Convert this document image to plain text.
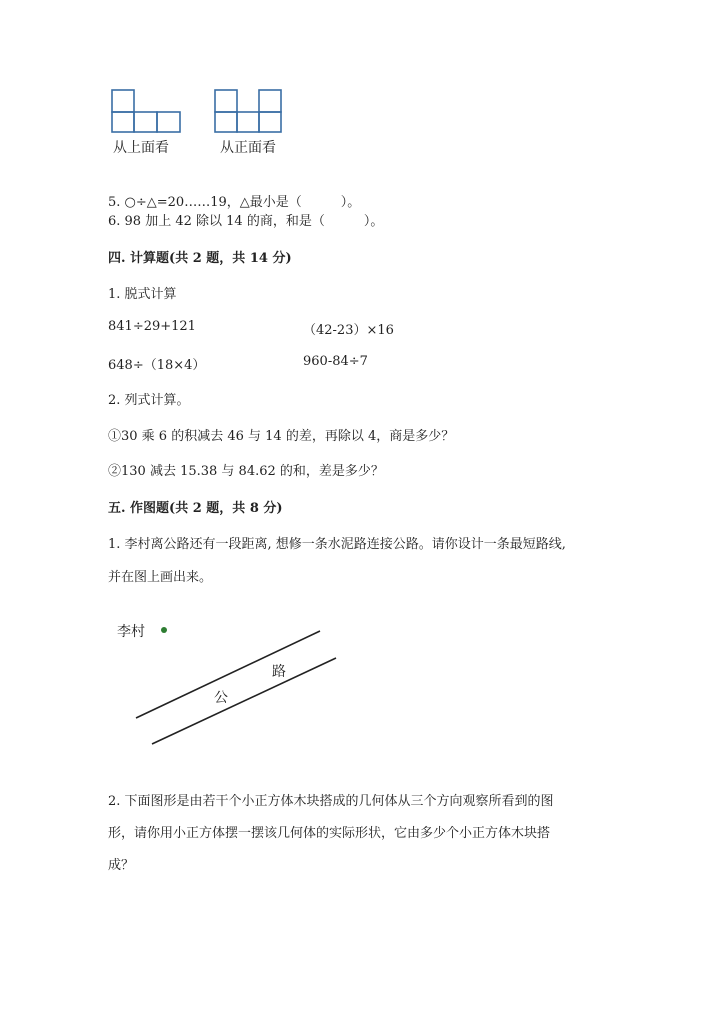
从上面看	从正面看
5. ○÷△=20……19，△最小是（　　　）。
6. 98 加上 42 除以 14 的商，和是（　　　）。
四. 计算题(共 2 题，共 14 分)
1. 脱式计算
841÷29+121	（42-23）×16
648÷（18×4）	960-84÷7
2. 列式计算。
①30 乘 6 的积减去 46 与 14 的差，再除以 4，商是多少？
②130 减去 15.38 与 84.62 的和，差是多少？
五. 作图题(共 2 题，共 8 分)
1. 李村离公路还有一段距离, 想修一条水泥路连接公路。请你设计一条最短路线,
并在图上画出来。
李村
路
公
2. 下面图形是由若干个小正方体木块搭成的几何体从三个方向观察所看到的图
形，请你用小正方体摆一摆该几何体的实际形状，它由多少个小正方体木块搭
成？
